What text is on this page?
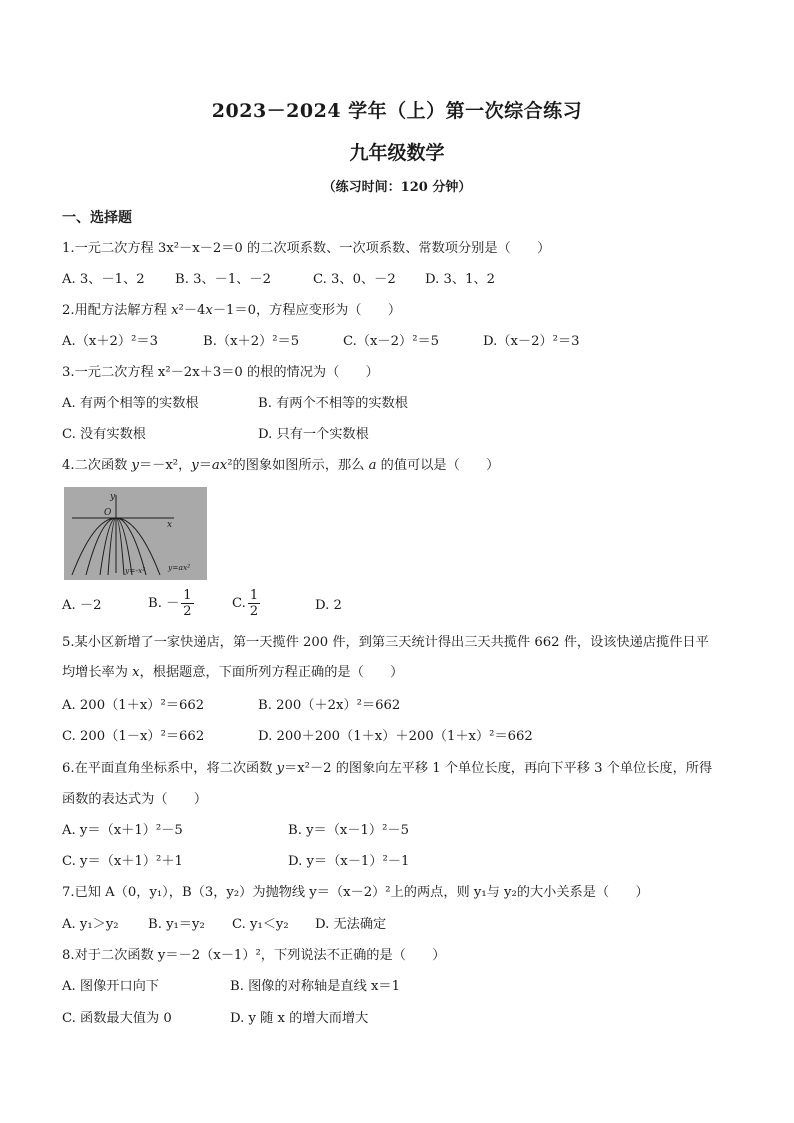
2023－2024 学年（上）第一次综合练习
九年级数学
（练习时间：120 分钟）
一、选择题
1.一元二次方程 3x²－x－2＝0 的二次项系数、一次项系数、常数项分别是（　　）
A. 3、－1、2 B. 3、－1、－2	C. 3、0、－2 D. 3、1、2
2.用配方法解方程 x²－4x－1＝0，方程应变形为（　　）
A.（x＋2）²＝3	B.（x＋2）²＝5	C.（x－2）²＝5	D.（x－2）²＝3
3.一元二次方程 x²－2x＋3＝0 的根的情况为（　　）
A. 有两个相等的实数根	B. 有两个不相等的实数根
C. 没有实数根	D. 只有一个实数根
4.二次函数 y＝－x²，y＝ax²的图象如图所示，那么 a 的值可以是（　　）
y
x
O
y=-x²	y=ax²
A. －2	B. － $\frac{1}{2}$	C. $\frac{1}{2}$	D. 2
5.某小区新增了一家快递店，第一天揽件 200 件，到第三天统计得出三天共揽件 662 件，设该快递店揽件日平
均增长率为 x，根据题意，下面所列方程正确的是（　　）
A. 200（1＋x）²＝662	B. 200（＋2x）²＝662
C. 200（1－x）²＝662	D. 200＋200（1＋x）＋200（1＋x）²＝662
6.在平面直角坐标系中，将二次函数 y＝x²－2 的图象向左平移 1 个单位长度，再向下平移 3 个单位长度，所得
函数的表达式为（　　）
A. y＝（x＋1）²－5	B. y＝（x－1）²－5
C. y＝（x＋1）²＋1	D. y＝（x－1）²－1
7.已知 A（0，y₁），B（3，y₂）为抛物线 y＝（x－2）²上的两点，则 y₁与 y₂的大小关系是（　　）
A. y₁＞y₂ B. y₁＝y₂ C. y₁＜y₂ D. 无法确定
8.对于二次函数 y＝－2（x－1）²，下列说法不正确的是（　　）
A. 图像开口向下	B. 图像的对称轴是直线 x＝1
C. 函数最大值为 0	D. y 随 x 的增大而增大
